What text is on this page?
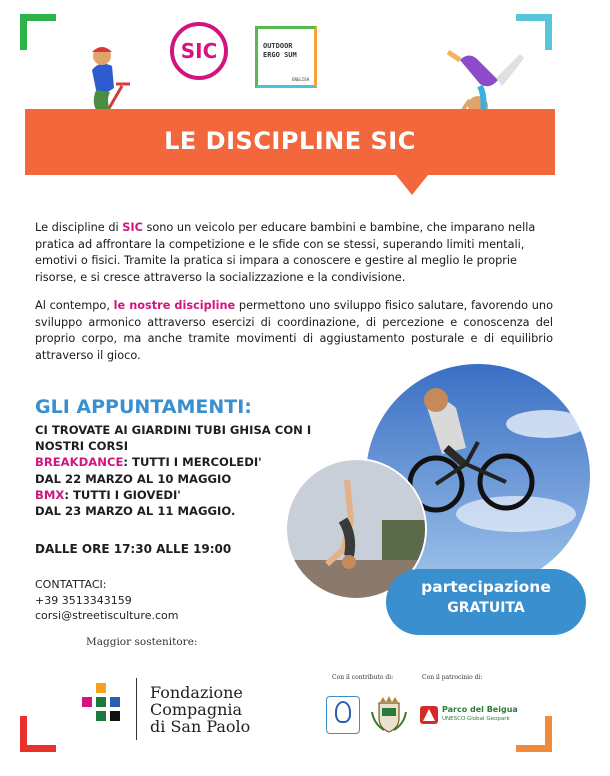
SIC	OUTDOOR
ERGO SUM
ENGLISH
LE DISCIPLINE SIC

Le discipline di SIC sono un veicolo per educare bambini e bambine, che imparano nella pratica ad affrontare la competizione e le sfide con se stessi, superando limiti mentali, emotivi o fisici. Tramite la pratica si impara a conoscere e gestire al meglio le proprie risorse, e si cresce attraverso la socializzazione e la condivisione.

Al contempo, le nostre discipline permettono uno sviluppo fisico salutare, favorendo uno sviluppo armonico attraverso esercizi di coordinazione, di percezione e conoscenza del proprio corpo, ma anche tramite movimenti di aggiustamento posturale e di equilibrio attraverso il gioco.

GLI APPUNTAMENTI:
CI TROVATE AI GIARDINI TUBI GHISA CON I
NOSTRI CORSI
BREAKDANCE: TUTTI I MERCOLEDI'
DAL 22 MARZO AL 10 MAGGIO
BMX: TUTTI I GIOVEDI'
DAL 23 MARZO AL 11 MAGGIO.
DALLE ORE 17:30 ALLE 19:00
CONTATTACI:
+39 3513343159
corsi@streetisculture.com
partecipazione
GRATUITA
Maggior sostenitore:
Fondazione
Compagnia
di San Paolo
Con il contributo di:	Con il patrocinio di:
Parco del Beigua
UNESCO Global Geopark
